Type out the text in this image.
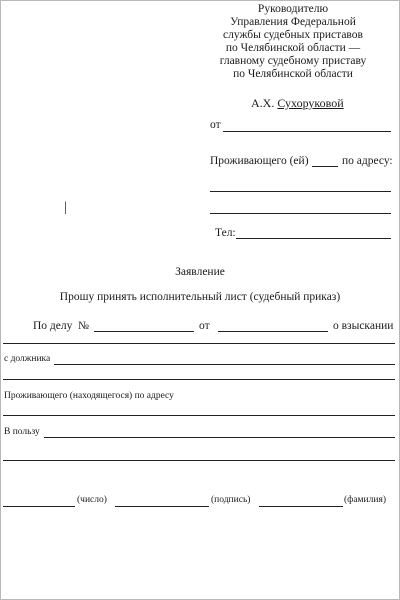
Руководителю
Управления Федеральной
службы судебных приставов
по Челябинской области —
главному судебному приставу
по Челябинской области
А.Х. Сухоруковой
от
Проживающего (ей)	по адресу:
|
Тел:
Заявление
Прошу принять исполнительный лист (судебный приказ)
По делу №	от	о взыскании
с должника
Проживающего (находящегося) по адресу
В пользу
(число)	(подпись)	(фамилия)
